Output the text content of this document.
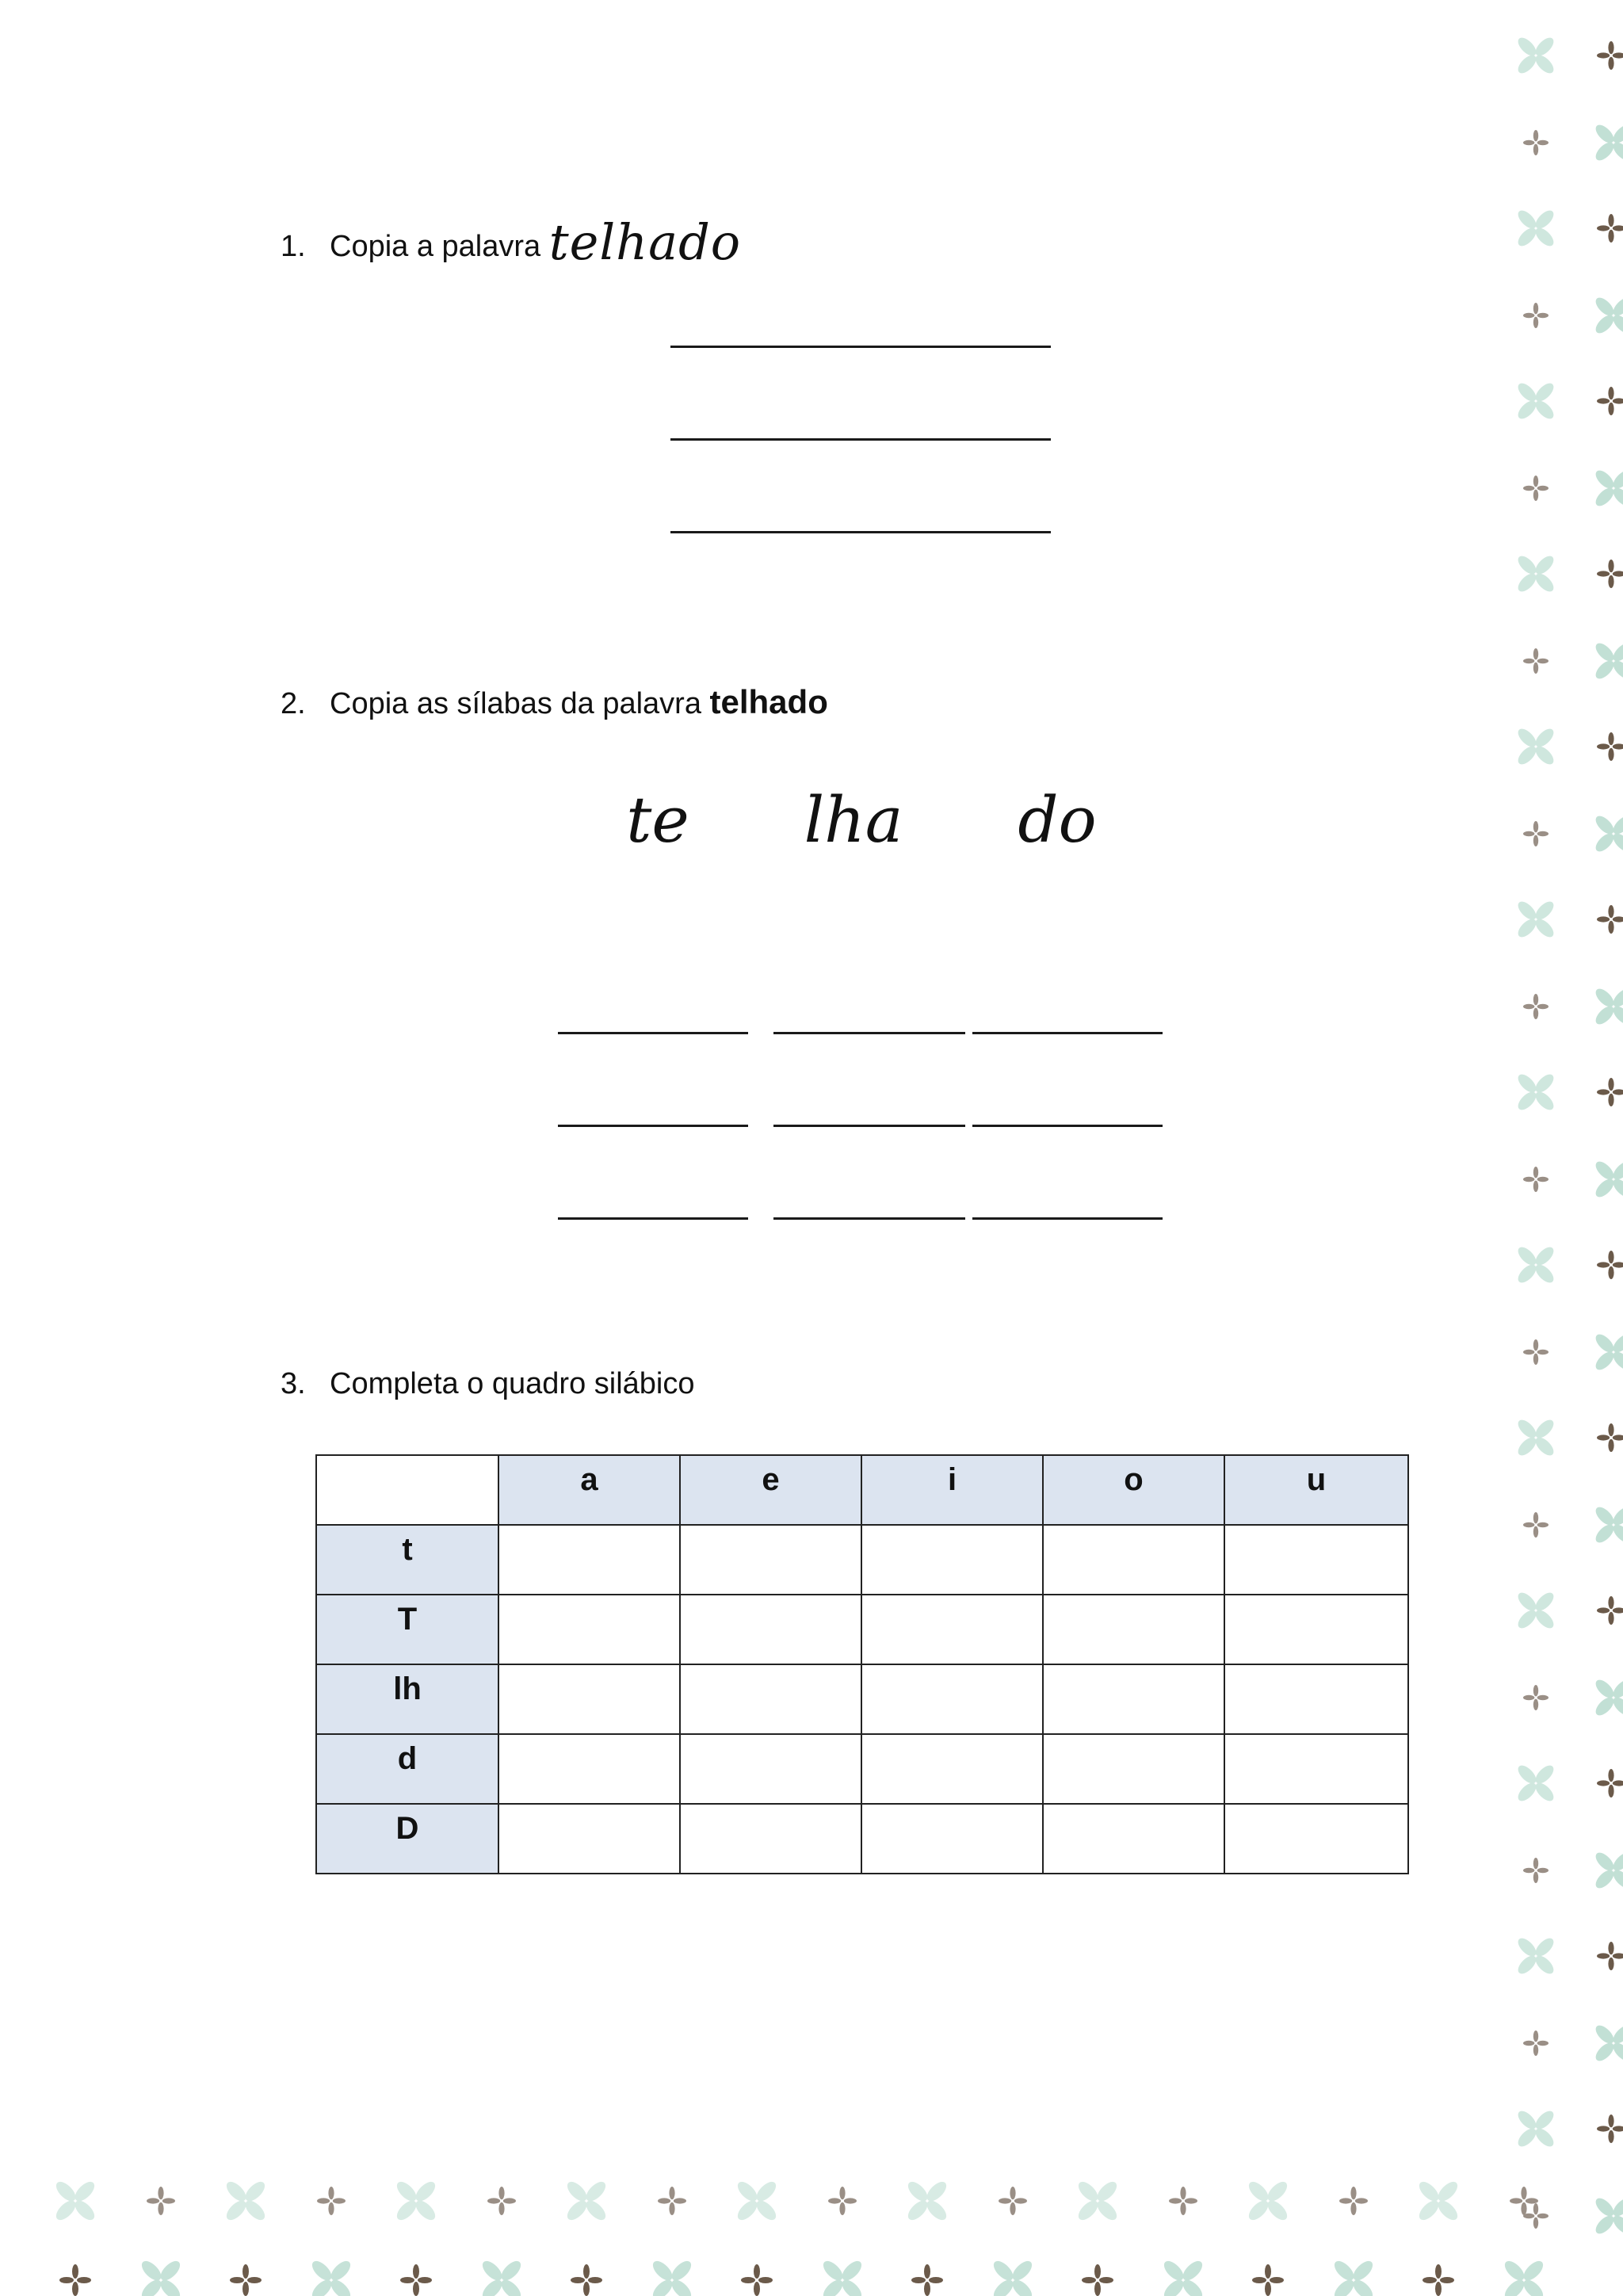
1. Copia a palavra telhado
2. Copia as sílabas da palavra telhado
te	lha	do
3. Completa o quadro silábico
	a	e	i	o	u
t					
T					
lh					
d					
D					
